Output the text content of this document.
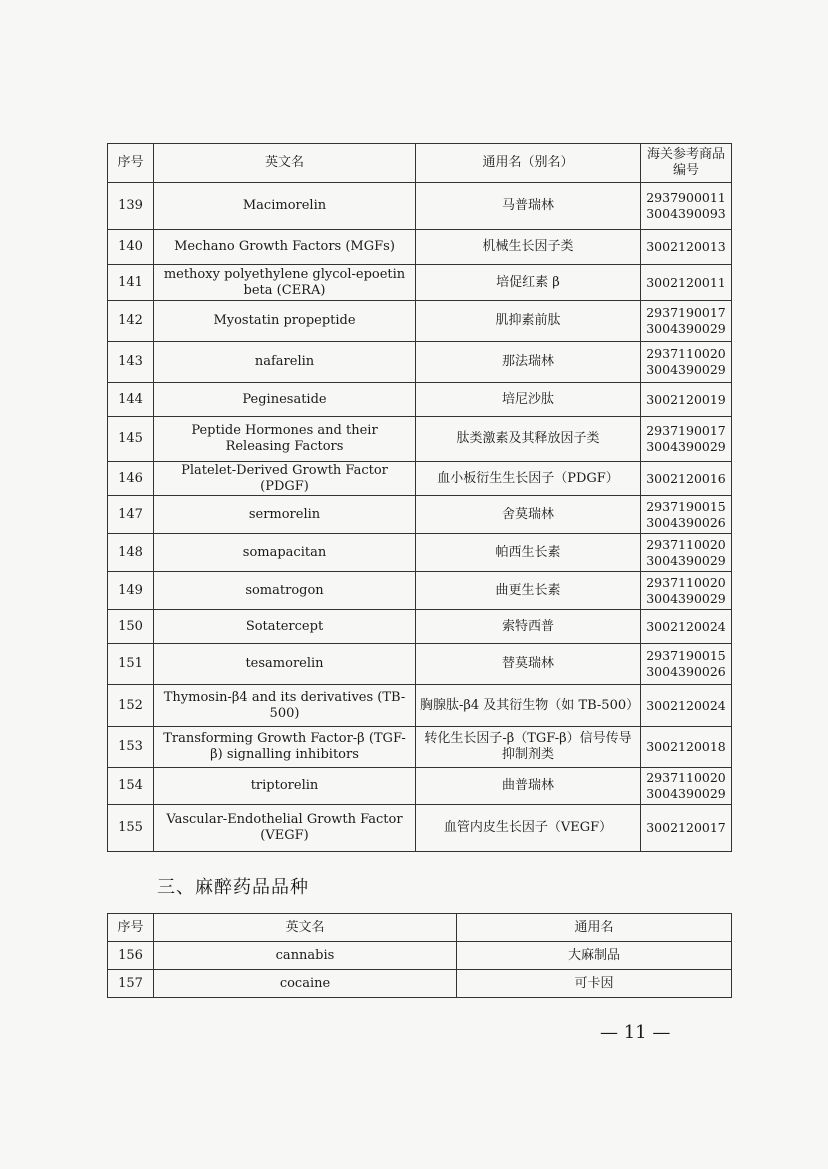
序号	英文名	通用名（别名）	海关参考商品编号
139	Macimorelin	马普瑞林	2937900011
3004390093

140	Mechano Growth Factors (MGFs)	机械生长因子类	3002120013

141	methoxy polyethylene glycol-epoetin beta (CERA)	培促红素 β	3002120011

142	Myostatin propeptide	肌抑素前肽	2937190017
3004390029

143	nafarelin	那法瑞林	2937110020
3004390029

144	Peginesatide	培尼沙肽	3002120019

145	Peptide Hormones and their Releasing Factors	肽类激素及其释放因子类	2937190017
3004390029

146	Platelet-Derived Growth Factor (PDGF)	血小板衍生生长因子（PDGF）	3002120016

147	sermorelin	舍莫瑞林	2937190015
3004390026

148	somapacitan	帕西生长素	2937110020
3004390029

149	somatrogon	曲更生长素	2937110020
3004390029

150	Sotatercept	索特西普	3002120024

151	tesamorelin	替莫瑞林	2937190015
3004390026

152	Thymosin-β4 and its derivatives (TB-500)	胸腺肽-β4 及其衍生物（如 TB-500）	3002120024

153	Transforming Growth Factor-β (TGF-β) signalling inhibitors	转化生长因子-β（TGF-β）信号传导抑制剂类	3002120018

154	triptorelin	曲普瑞林	2937110020
3004390029

155	Vascular-Endothelial Growth Factor (VEGF)	血管内皮生长因子（VEGF）	3002120017
三、麻醉药品品种
序号	英文名	通用名
156	cannabis	大麻制品
157	cocaine	可卡因
— 11 —
